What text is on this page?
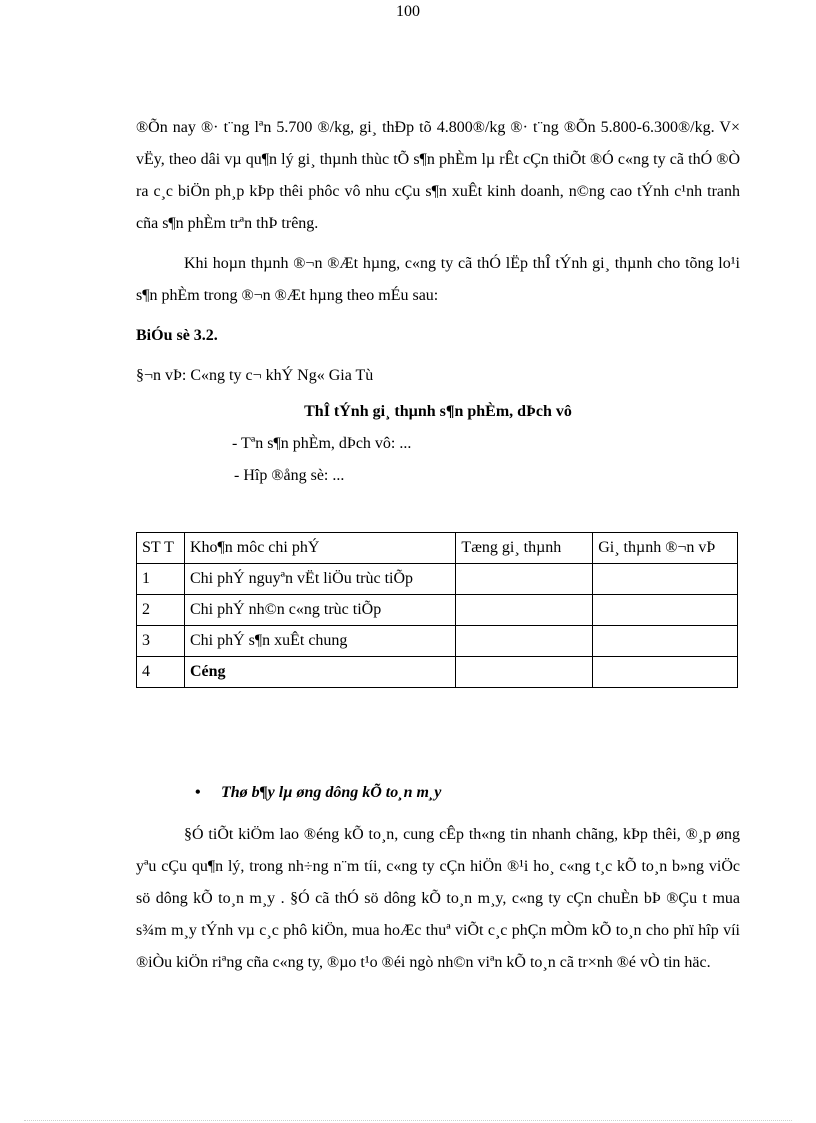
100

®Õn nay ®· t¨ng lªn 5.700 ®/kg, gi¸ thÐp tõ 4.800®/kg ®· t¨ng ®Õn 5.800-6.300®/kg. V× vËy, theo dâi vµ qu¶n lý gi¸ thµnh thùc tÕ s¶n phÈm lµ rÊt cÇn thiÕt ®Ó c«ng ty cã thÓ ®Ò ra c¸c biÖn ph¸p kÞp thêi phôc vô nhu cÇu s¶n xuÊt kinh doanh, n©ng cao tÝnh c¹nh tranh cña s¶n phÈm trªn thÞ trêng.

Khi hoµn thµnh ®¬n ®Æt hµng, c«ng ty cã thÓ lËp thÎ tÝnh gi¸ thµnh cho tõng lo¹i s¶n phÈm trong ®¬n ®Æt hµng theo mÉu sau:

BiÓu sè 3.2.

§¬n vÞ: C«ng ty c¬ khÝ Ng« Gia Tù

ThÎ tÝnh gi¸ thµnh s¶n phÈm, dÞch vô

- Tªn s¶n phÈm, dÞch vô: ...

- Hîp ®ång sè: ...

ST T	Kho¶n môc chi phÝ	Tæng gi¸ thµnh	Gi¸ thµnh ®¬n vÞ
1	Chi phÝ nguyªn vËt liÖu trùc tiÕp		
2	Chi phÝ nh©n c«ng trùc tiÕp		
3	Chi phÝ s¶n xuÊt chung		
4	Céng		
• Thø b¶y lµ øng dông kÕ to¸n m¸y

§Ó tiÕt kiÖm lao ®éng kÕ to¸n, cung cÊp th«ng tin nhanh chãng, kÞp thêi, ®¸p øng yªu cÇu qu¶n lý, trong nh÷ng n¨m tíi, c«ng ty cÇn hiÖn ®¹i ho¸ c«ng t¸c kÕ to¸n b»ng viÖc sö dông kÕ to¸n m¸y . §Ó cã thÓ sö dông kÕ to¸n m¸y, c«ng ty cÇn chuÈn bÞ ®Çu t mua s¾m m¸y tÝnh vµ c¸c phô kiÖn, mua hoÆc thuª viÕt c¸c phÇn mÒm kÕ to¸n cho phï hîp víi ®iÒu kiÖn riªng cña c«ng ty, ®µo t¹o ®éi ngò nh©n viªn kÕ to¸n cã tr×nh ®é vÒ tin häc.
